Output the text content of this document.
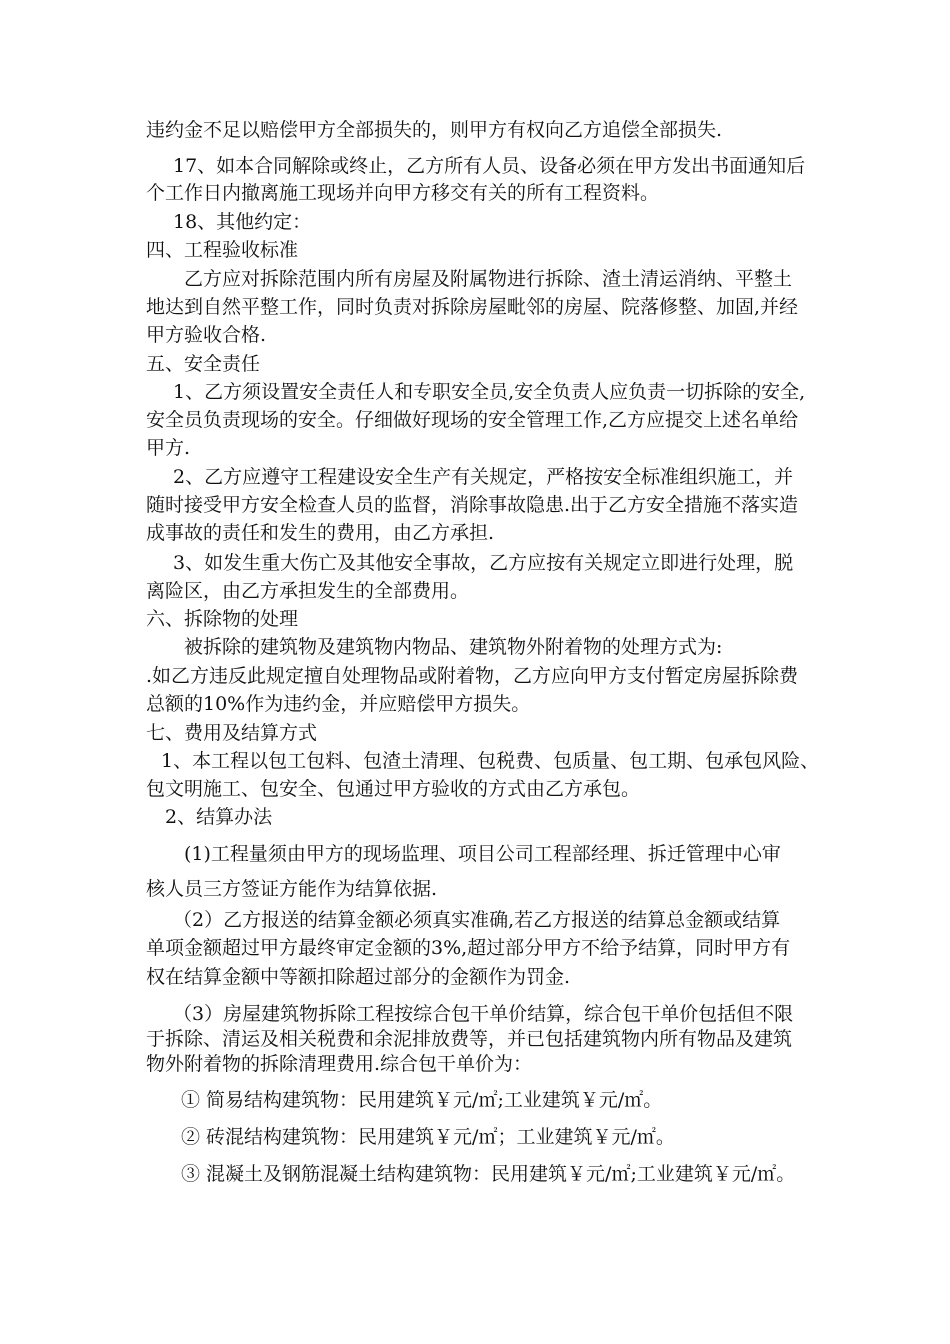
违约金不足以赔偿甲方全部损失的，则甲方有权向乙方追偿全部损失.
17、如本合同解除或终止，乙方所有人员、设备必须在甲方发出书面通知后
个工作日内撤离施工现场并向甲方移交有关的所有工程资料。
18、其他约定：
四、工程验收标准
乙方应对拆除范围内所有房屋及附属物进行拆除、渣土清运消纳、平整土
地达到自然平整工作，同时负责对拆除房屋毗邻的房屋、院落修整、加固,并经
甲方验收合格.
五、安全责任
1、乙方须设置安全责任人和专职安全员,安全负责人应负责一切拆除的安全,
安全员负责现场的安全。仔细做好现场的安全管理工作,乙方应提交上述名单给
甲方.
2、乙方应遵守工程建设安全生产有关规定，严格按安全标准组织施工，并
随时接受甲方安全检查人员的监督，消除事故隐患.出于乙方安全措施不落实造
成事故的责任和发生的费用，由乙方承担.
3、如发生重大伤亡及其他安全事故，乙方应按有关规定立即进行处理，脱
离险区，由乙方承担发生的全部费用。
六、拆除物的处理
被拆除的建筑物及建筑物内物品、建筑物外附着物的处理方式为:
.如乙方违反此规定擅自处理物品或附着物，乙方应向甲方支付暂定房屋拆除费
总额的10%作为违约金，并应赔偿甲方损失。
七、费用及结算方式
1、本工程以包工包料、包渣土清理、包税费、包质量、包工期、包承包风险、
包文明施工、包安全、包通过甲方验收的方式由乙方承包。
2、结算办法
(1)工程量须由甲方的现场监理、项目公司工程部经理、拆迁管理中心审
核人员三方签证方能作为结算依据.
（2）乙方报送的结算金额必须真实准确,若乙方报送的结算总金额或结算
单项金额超过甲方最终审定金额的3%,超过部分甲方不给予结算，同时甲方有
权在结算金额中等额扣除超过部分的金额作为罚金.
（3）房屋建筑物拆除工程按综合包干单价结算，综合包干单价包括但不限
于拆除、清运及相关税费和余泥排放费等，并已包括建筑物内所有物品及建筑
物外附着物的拆除清理费用.综合包干单价为：
① 简易结构建筑物：民用建筑￥元/㎡;工业建筑￥元/㎡。
② 砖混结构建筑物：民用建筑￥元/㎡；工业建筑￥元/㎡。
③ 混凝土及钢筋混凝土结构建筑物：民用建筑￥元/㎡;工业建筑￥元/㎡。
